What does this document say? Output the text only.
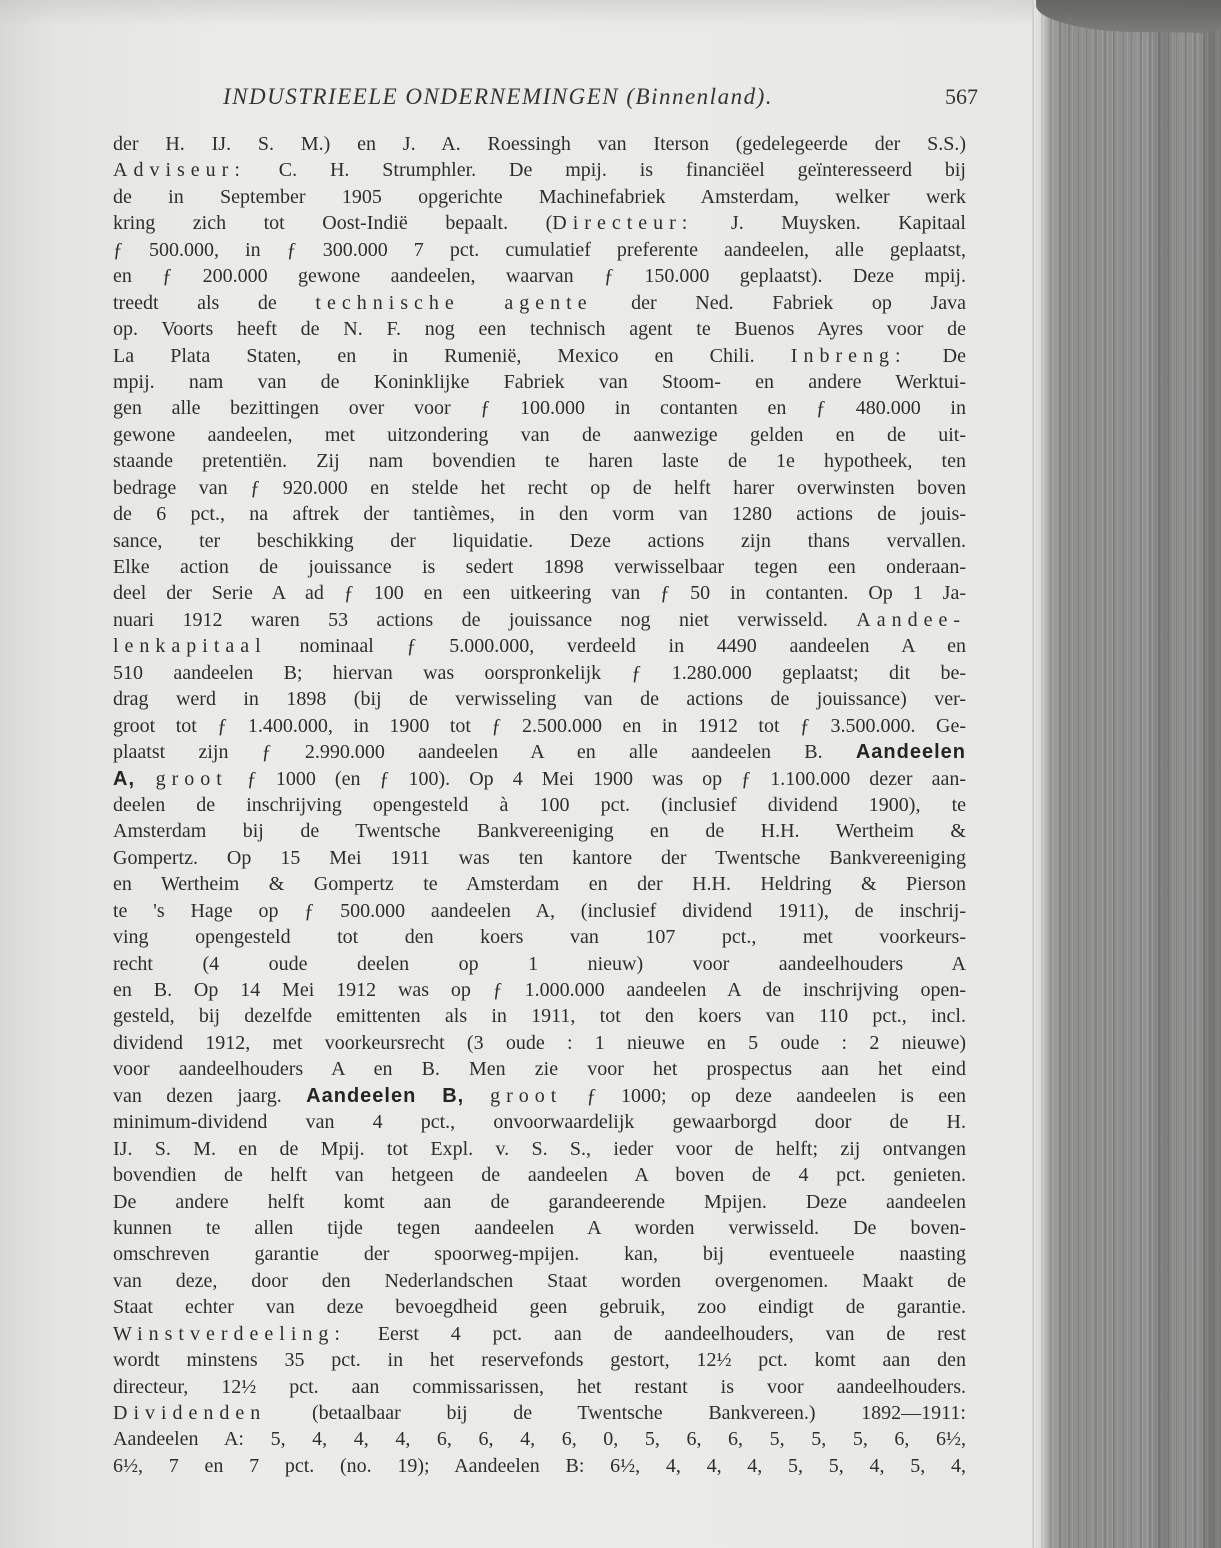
INDUSTRIEELE ONDERNEMINGEN (Binnenland).	567
der H. IJ. S. M.) en J. A. Roessingh van Iterson (gedelegeerde der S.S.)
Adviseur: C. H. Strumphler. De mpij. is financiëel geïnteresseerd bij
de in September 1905 opgerichte Machinefabriek Amsterdam, welker werk
kring zich tot Oost-Indië bepaalt. (Directeur: J. Muysken. Kapitaal
ƒ 500.000, in ƒ 300.000 7 pct. cumulatief preferente aandeelen, alle geplaatst,
en ƒ 200.000 gewone aandeelen, waarvan ƒ 150.000 geplaatst). Deze mpij.
treedt als de technische agente der Ned. Fabriek op Java
op. Voorts heeft de N. F. nog een technisch agent te Buenos Ayres voor de
La Plata Staten, en in Rumenië, Mexico en Chili. Inbreng: De
mpij. nam van de Koninklijke Fabriek van Stoom- en andere Werktui-
gen alle bezittingen over voor ƒ 100.000 in contanten en ƒ 480.000 in
gewone aandeelen, met uitzondering van de aanwezige gelden en de uit-
staande pretentiën. Zij nam bovendien te haren laste de 1e hypotheek, ten
bedrage van ƒ 920.000 en stelde het recht op de helft harer overwinsten boven
de 6 pct., na aftrek der tantièmes, in den vorm van 1280 actions de jouis-
sance, ter beschikking der liquidatie. Deze actions zijn thans vervallen.
Elke action de jouissance is sedert 1898 verwisselbaar tegen een onderaan-
deel der Serie A ad ƒ 100 en een uitkeering van ƒ 50 in contanten. Op 1 Ja-
nuari 1912 waren 53 actions de jouissance nog niet verwisseld. Aandee-
lenkapitaal nominaal ƒ 5.000.000, verdeeld in 4490 aandeelen A en
510 aandeelen B; hiervan was oorspronkelijk ƒ 1.280.000 geplaatst; dit be-
drag werd in 1898 (bij de verwisseling van de actions de jouissance) ver-
groot tot ƒ 1.400.000, in 1900 tot ƒ 2.500.000 en in 1912 tot ƒ 3.500.000. Ge-
plaatst zijn ƒ 2.990.000 aandeelen A en alle aandeelen B. Aandeelen
A, groot ƒ 1000 (en ƒ 100). Op 4 Mei 1900 was op ƒ 1.100.000 dezer aan-
deelen de inschrijving opengesteld à 100 pct. (inclusief dividend 1900), te
Amsterdam bij de Twentsche Bankvereeniging en de H.H. Wertheim &
Gompertz. Op 15 Mei 1911 was ten kantore der Twentsche Bankvereeniging
en Wertheim & Gompertz te Amsterdam en der H.H. Heldring & Pierson
te 's Hage op ƒ 500.000 aandeelen A, (inclusief dividend 1911), de inschrij-
ving opengesteld tot den koers van 107 pct., met voorkeurs-
recht (4 oude deelen op 1 nieuw) voor aandeelhouders A
en B. Op 14 Mei 1912 was op ƒ 1.000.000 aandeelen A de inschrijving open-
gesteld, bij dezelfde emittenten als in 1911, tot den koers van 110 pct., incl.
dividend 1912, met voorkeursrecht (3 oude : 1 nieuwe en 5 oude : 2 nieuwe)
voor aandeelhouders A en B. Men zie voor het prospectus aan het eind
van dezen jaarg. Aandeelen B, groot ƒ 1000; op deze aandeelen is een
minimum-dividend van 4 pct., onvoorwaardelijk gewaarborgd door de H.
IJ. S. M. en de Mpij. tot Expl. v. S. S., ieder voor de helft; zij ontvangen
bovendien de helft van hetgeen de aandeelen A boven de 4 pct. genieten.
De andere helft komt aan de garandeerende Mpijen. Deze aandeelen
kunnen te allen tijde tegen aandeelen A worden verwisseld. De boven-
omschreven garantie der spoorweg-mpijen. kan, bij eventueele naasting
van deze, door den Nederlandschen Staat worden overgenomen. Maakt de
Staat echter van deze bevoegdheid geen gebruik, zoo eindigt de garantie.
Winstverdeeling: Eerst 4 pct. aan de aandeelhouders, van de rest
wordt minstens 35 pct. in het reservefonds gestort, 12½ pct. komt aan den
directeur, 12½ pct. aan commissarissen, het restant is voor aandeelhouders.
Dividenden (betaalbaar bij de Twentsche Bankvereen.) 1892—1911:
Aandeelen A: 5, 4, 4, 4, 6, 6, 4, 6, 0, 5, 6, 6, 5, 5, 5, 6, 6½,
6½, 7 en 7 pct. (no. 19); Aandeelen B: 6½, 4, 4, 4, 5, 5, 4, 5, 4,
